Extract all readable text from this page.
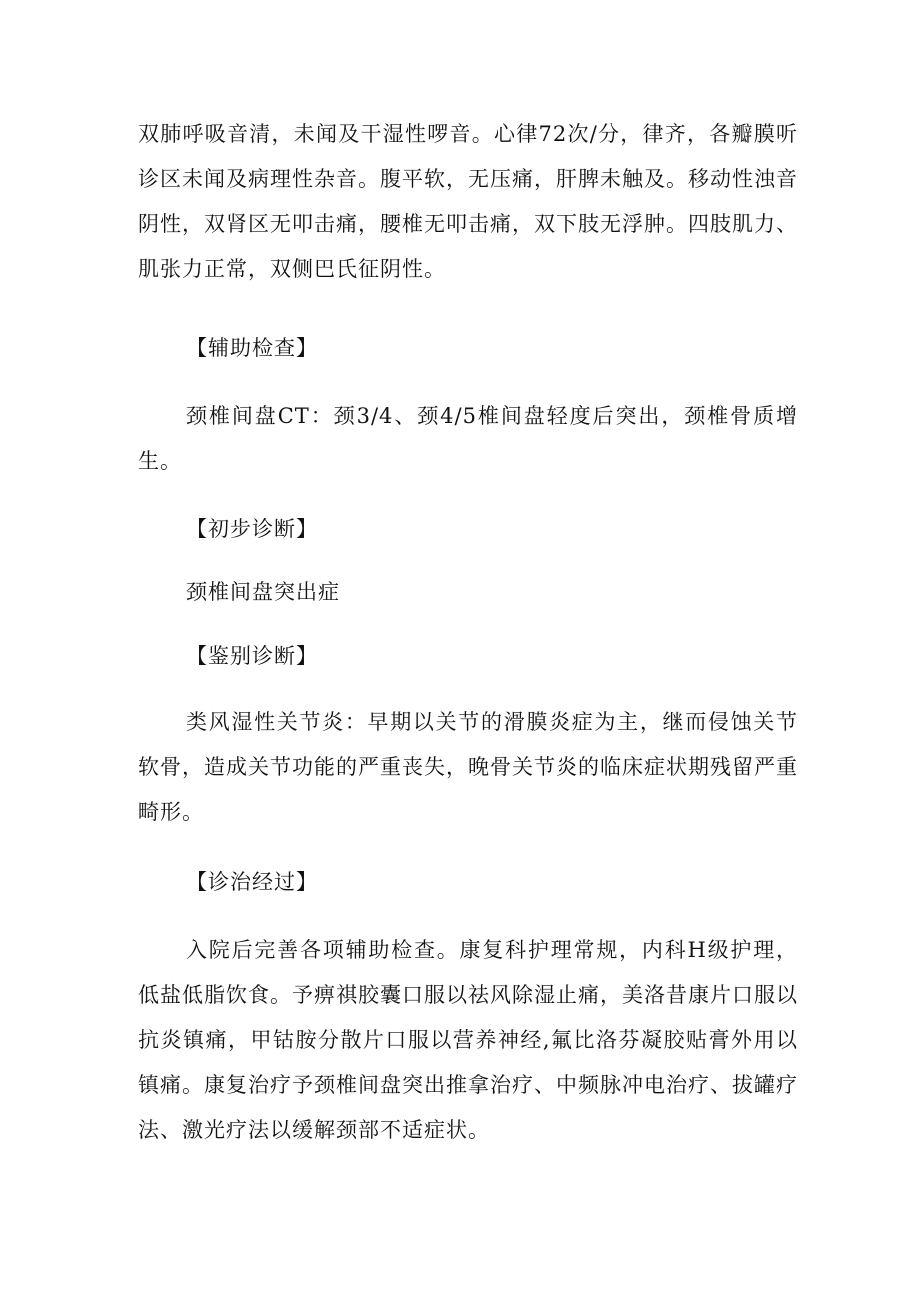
双肺呼吸音清，未闻及干湿性啰音。心律72次/分，律齐，各瓣膜听诊区未闻及病理性杂音。腹平软，无压痛，肝脾未触及。移动性浊音阴性，双肾区无叩击痛，腰椎无叩击痛，双下肢无浮肿。四肢肌力、肌张力正常，双侧巴氏征阴性。

【辅助检查】

颈椎间盘CT：颈3/4、颈4/5椎间盘轻度后突出，颈椎骨质增生。

【初步诊断】

颈椎间盘突出症

【鉴别诊断】

类风湿性关节炎：早期以关节的滑膜炎症为主，继而侵蚀关节软骨，造成关节功能的严重丧失，晚骨关节炎的临床症状期残留严重畸形。

【诊治经过】

入院后完善各项辅助检查。康复科护理常规，内科H级护理，低盐低脂饮食。予痹祺胶囊口服以祛风除湿止痛，美洛昔康片口服以抗炎镇痛，甲钴胺分散片口服以营养神经,氟比洛芬凝胶贴膏外用以镇痛。康复治疗予颈椎间盘突出推拿治疗、中频脉冲电治疗、拔罐疗法、激光疗法以缓解颈部不适症状。
